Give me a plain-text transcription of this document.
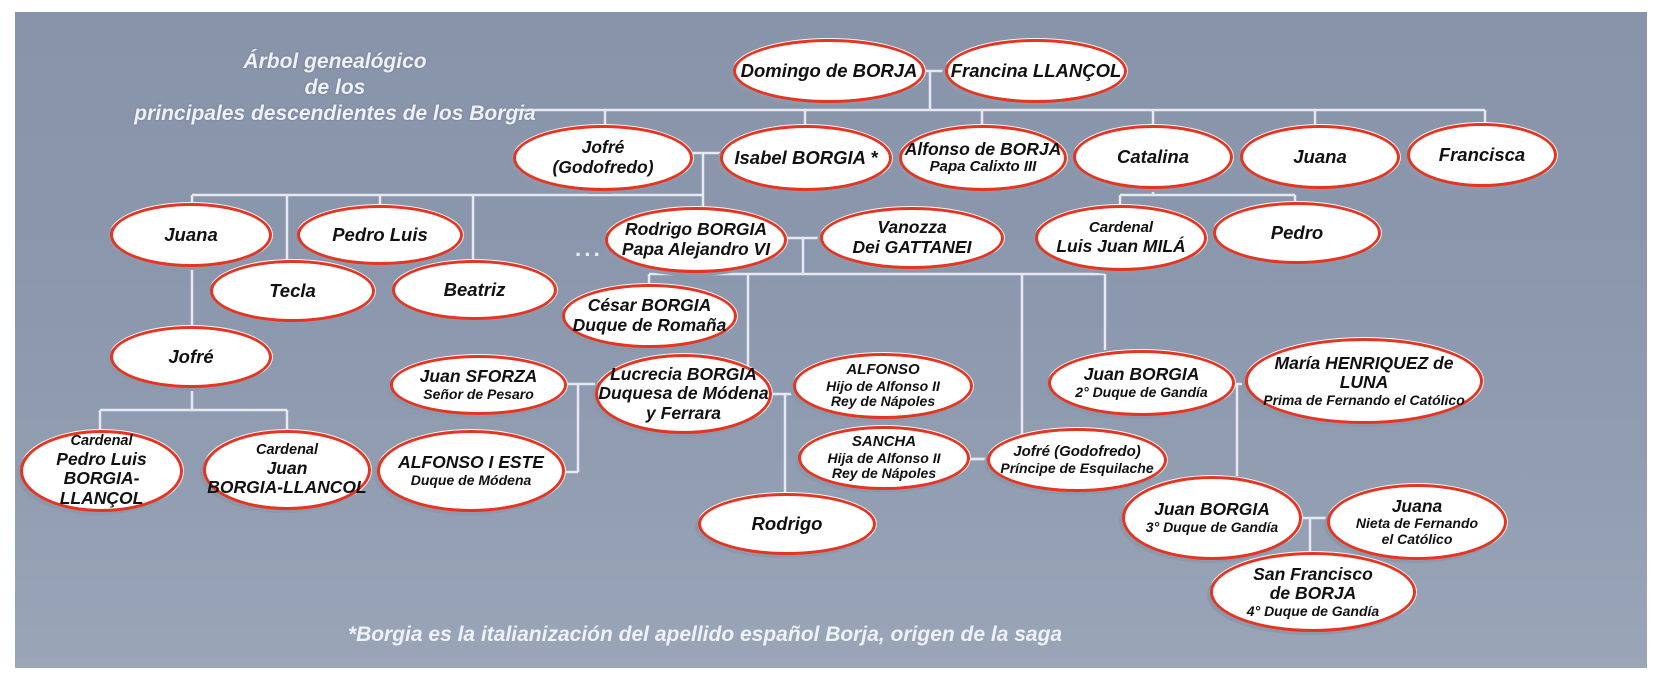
Árbol genealógico
de los
principales descendientes de los Borgia
···
Domingo de BORJA Francina LLANÇOL
Jofré
(Godofredo)	Isabel BORGIA * Alfonso de BORJA
Papa Calixto III
Catalina	Juana	Francisca
Juana	Pedro Luis
Tecla	Beatriz
Rodrigo BORGIA
Papa Alejandro VI
Vanozza
Dei GATTANEI
Cardenal
Luis Juan MILÁ
Pedro
Jofré
César BORGIA
Duque de Romaña
Juan SFORZA
Señor de Pesaro
Lucrecia BORGIA
Duquesa de Módena
y Ferrara
ALFONSO
Hijo de Alfonso II
Rey de Nápoles
Juan BORGIA
2° Duque de Gandía
María HENRIQUEZ de LUNA
Prima de Fernando el Católico
Cardenal
Pedro Luis
BORGIA-LLANÇOL
Cardenal
Juan
BORGIA-LLANCOL
ALFONSO I ESTE
Duque de Módena
SANCHA
Hija de Alfonso II
Rey de Nápoles
Jofré (Godofredo)
Príncipe de Esquilache
Rodrigo
Juan BORGIA
3° Duque de Gandía
Juana
Nieta de Fernando
el Católico
San Francisco
de BORJA
4° Duque de Gandía
*Borgia es la italianización del apellido español Borja, origen de la saga
